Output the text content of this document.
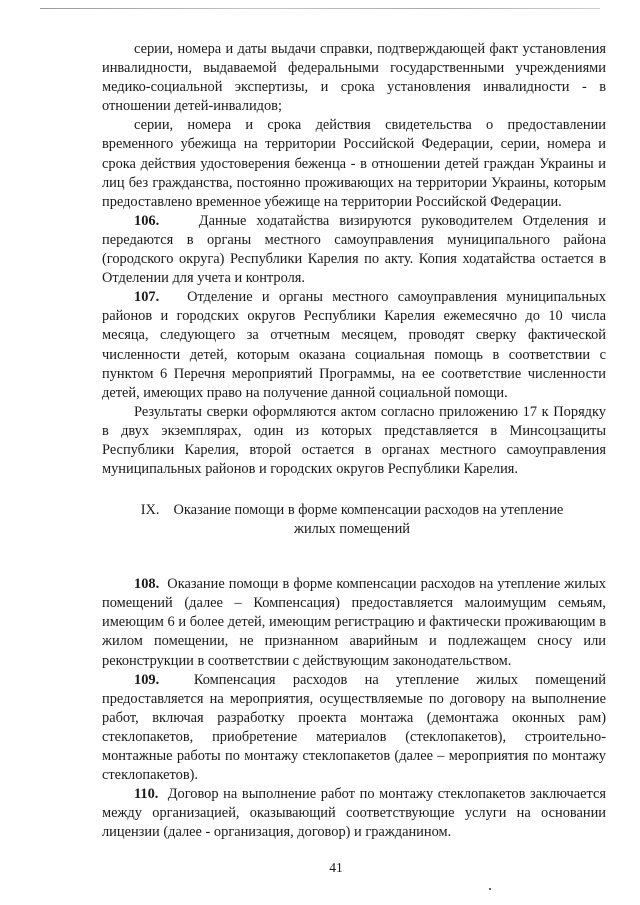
серии, номера и даты выдачи справки, подтверждающей факт установления инвалидности, выдаваемой федеральными государственными учреждениями медико-социальной экспертизы, и срока установления инвалидности - в отношении детей-инвалидов;

серии, номера и срока действия свидетельства о предоставлении временного убежища на территории Российской Федерации, серии, номера и срока действия удостоверения беженца - в отношении детей граждан Украины и лиц без гражданства, постоянно проживающих на территории Украины, которым предоставлено временное убежище на территории Российской Федерации.

106.	Данные ходатайства визируются руководителем Отделения и передаются в органы местного самоуправления муниципального района (городского округа) Республики Карелия по акту. Копия ходатайства остается в Отделении для учета и контроля.

107. Отделение и органы местного самоуправления муниципальных районов и городских округов Республики Карелия ежемесячно до 10 числа месяца, следующего за отчетным месяцем, проводят сверку фактической численности детей, которым оказана социальная помощь в соответствии с пунктом 6 Перечня мероприятий Программы, на ее соответствие численности детей, имеющих право на получение данной социальной помощи.

Результаты сверки оформляются актом согласно приложению 17 к Порядку в двух экземплярах, один из которых представляется в Минсоцзащиты Республики Карелия, второй остается в органах местного самоуправления муниципальных районов и городских округов Республики Карелия.

IX. Оказание помощи в форме компенсации расходов на утепление жилых помещений

108. Оказание помощи в форме компенсации расходов на утепление жилых помещений (далее – Компенсация) предоставляется малоимущим семьям, имеющим 6 и более детей, имеющим регистрацию и фактически проживающим в жилом помещении, не признанном аварийным и подлежащем сносу или реконструкции в соответствии с действующим законодательством.

109. Компенсация расходов на утепление жилых помещений предоставляется на мероприятия, осуществляемые по договору на выполнение работ, включая разработку проекта монтажа (демонтажа оконных рам) стеклопакетов, приобретение материалов (стеклопакетов), строительно-монтажные работы по монтажу стеклопакетов (далее – мероприятия по монтажу стеклопакетов).

110. Договор на выполнение работ по монтажу стеклопакетов заключается между организацией, оказывающий соответствующие услуги на основании лицензии (далее - организация, договор) и гражданином.

41
